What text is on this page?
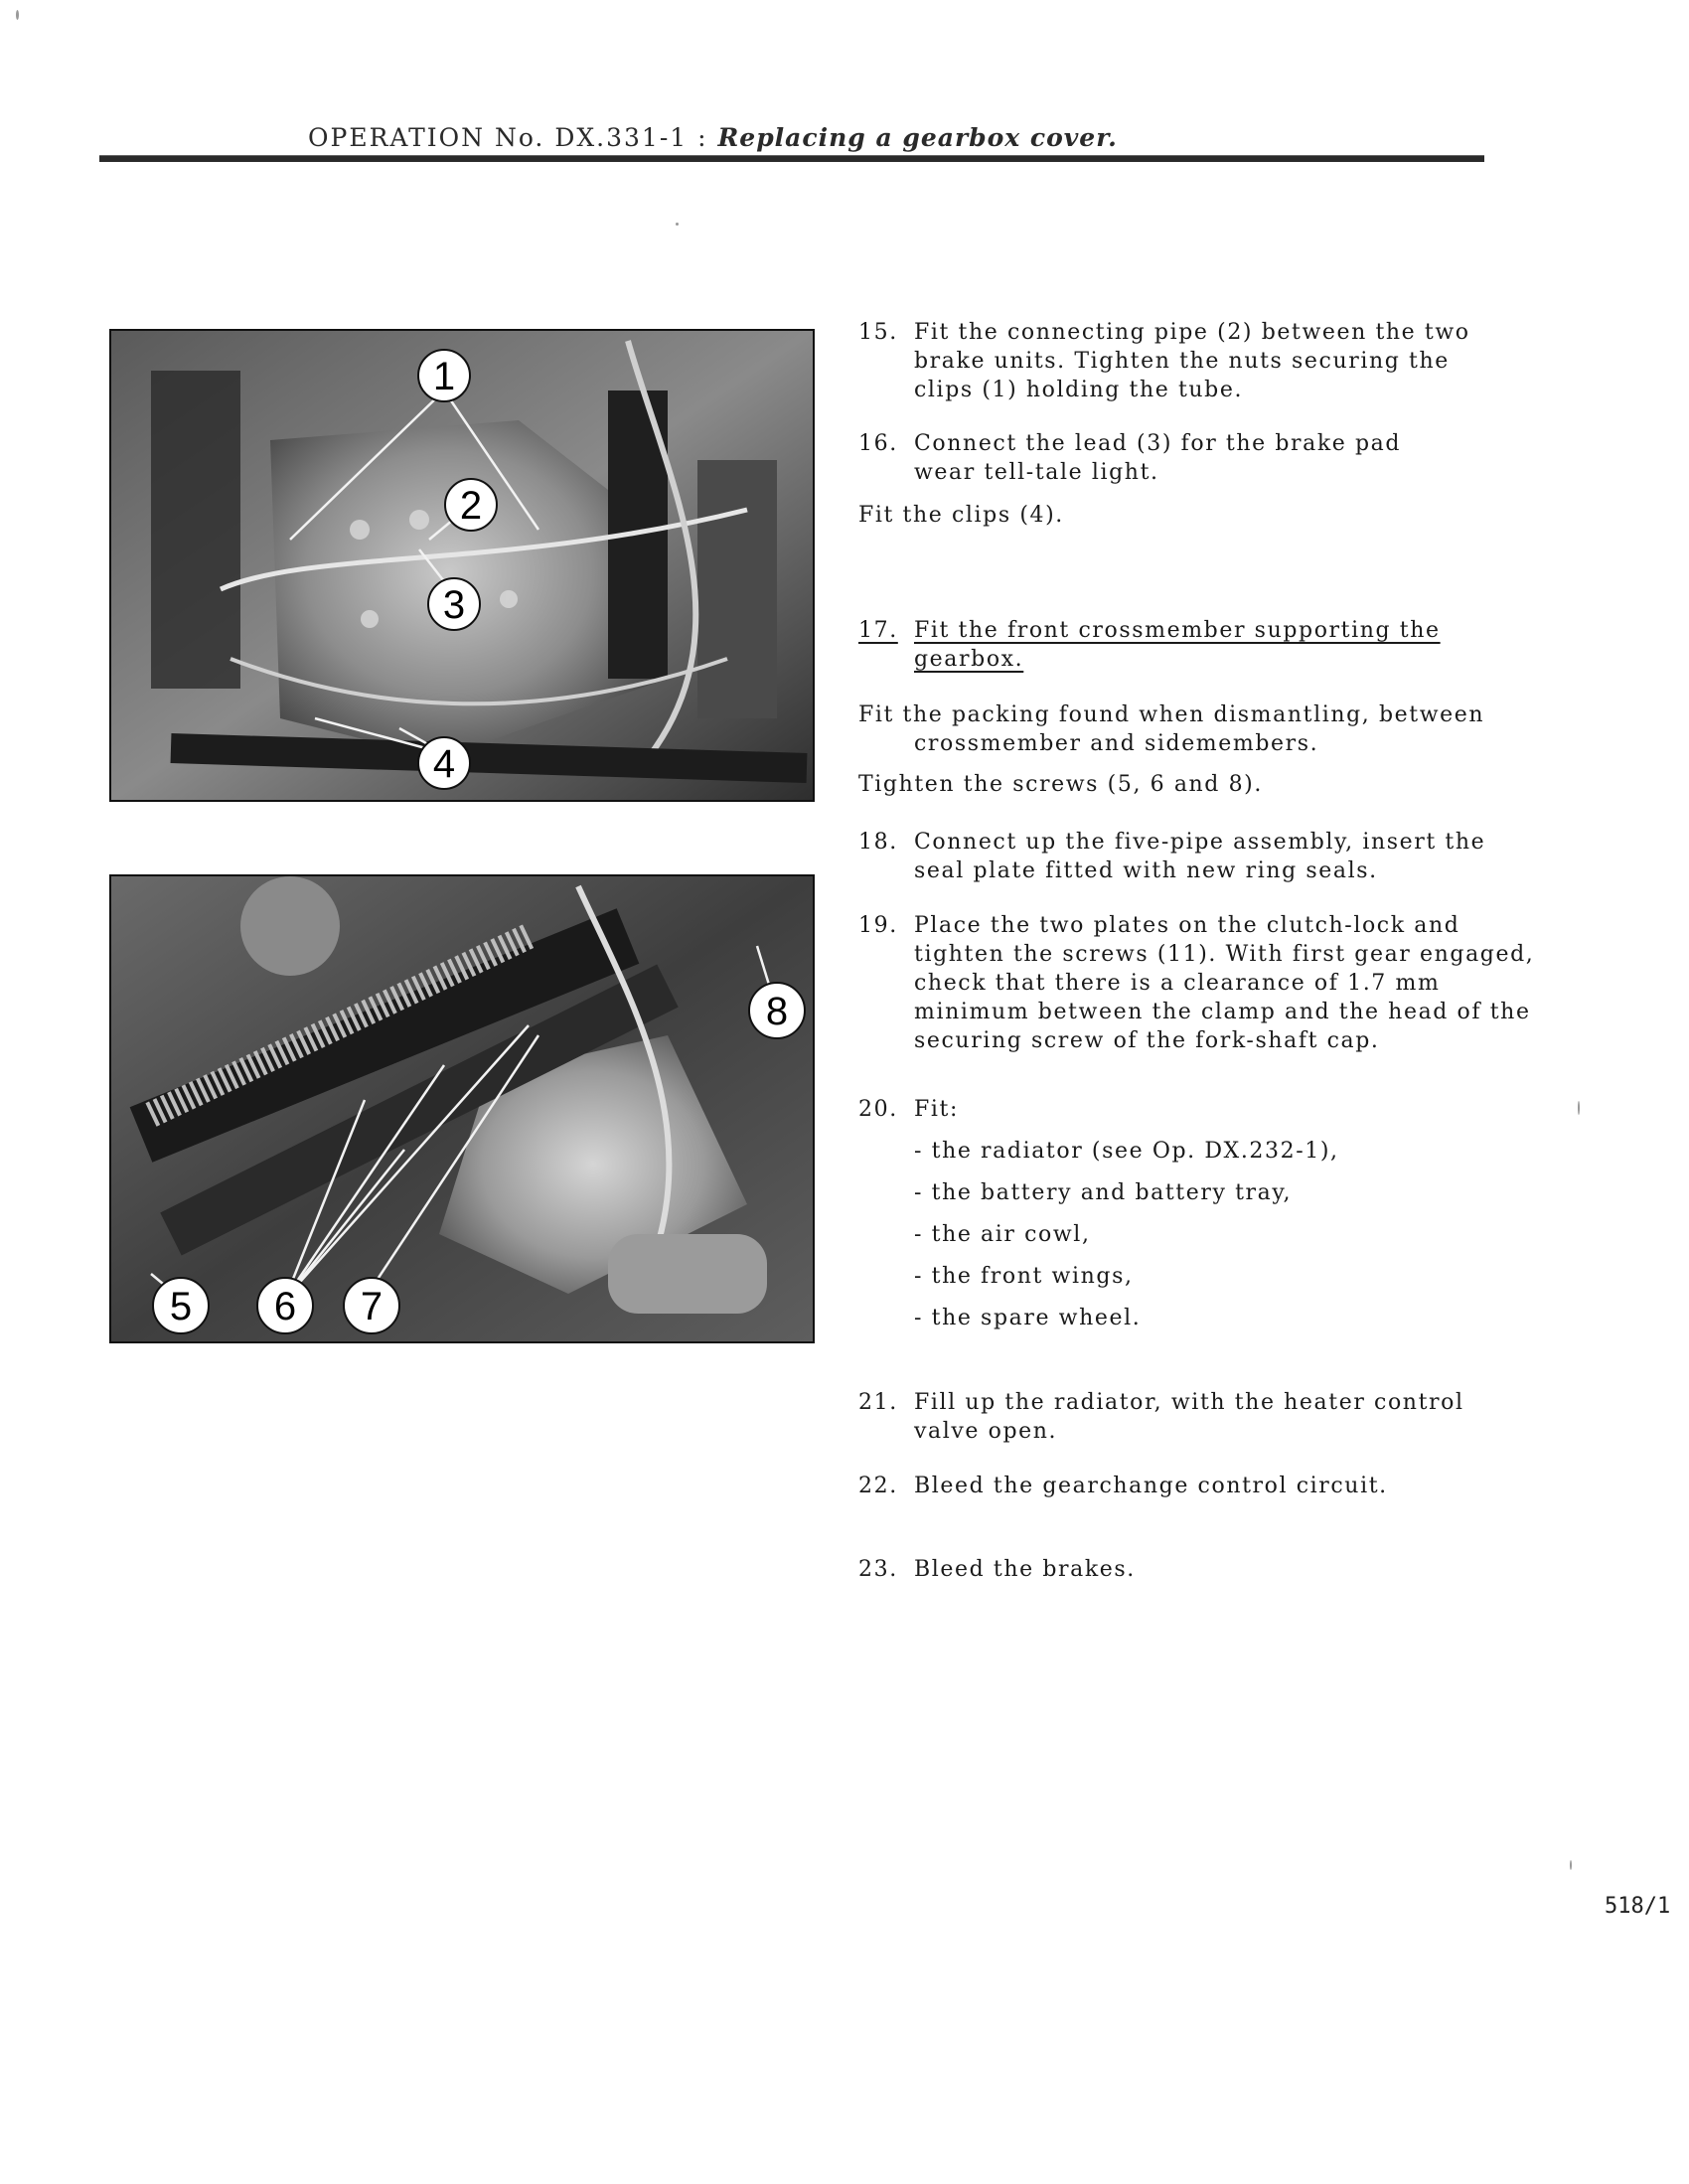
OPERATION No. DX.331-1 : Replacing a gearbox cover.
1
2
3
4
5 6 7
8
15. Fit the connecting pipe (2) between the two brake units. Tighten the nuts securing the clips (1) holding the tube.
16. Connect the lead (3) for the brake pad wear tell-tale light.
Fit the clips (4).
17. Fit the front crossmember supporting the gearbox.
Fit the packing found when dismantling, between crossmember and sidemembers.
Tighten the screws (5, 6 and 8).
18. Connect up the five-pipe assembly, insert the seal plate fitted with new ring seals.
19. Place the two plates on the clutch-lock and tighten the screws (11). With first gear engaged, check that there is a clearance of 1.7 mm minimum between the clamp and the head of the securing screw of the fork-shaft cap.
20. Fit:
- the radiator (see Op. DX.232-1),
- the battery and battery tray,
- the air cowl,
- the front wings,
- the spare wheel.
21. Fill up the radiator, with the heater control valve open.
22. Bleed the gearchange control circuit.
23. Bleed the brakes.
518/1
